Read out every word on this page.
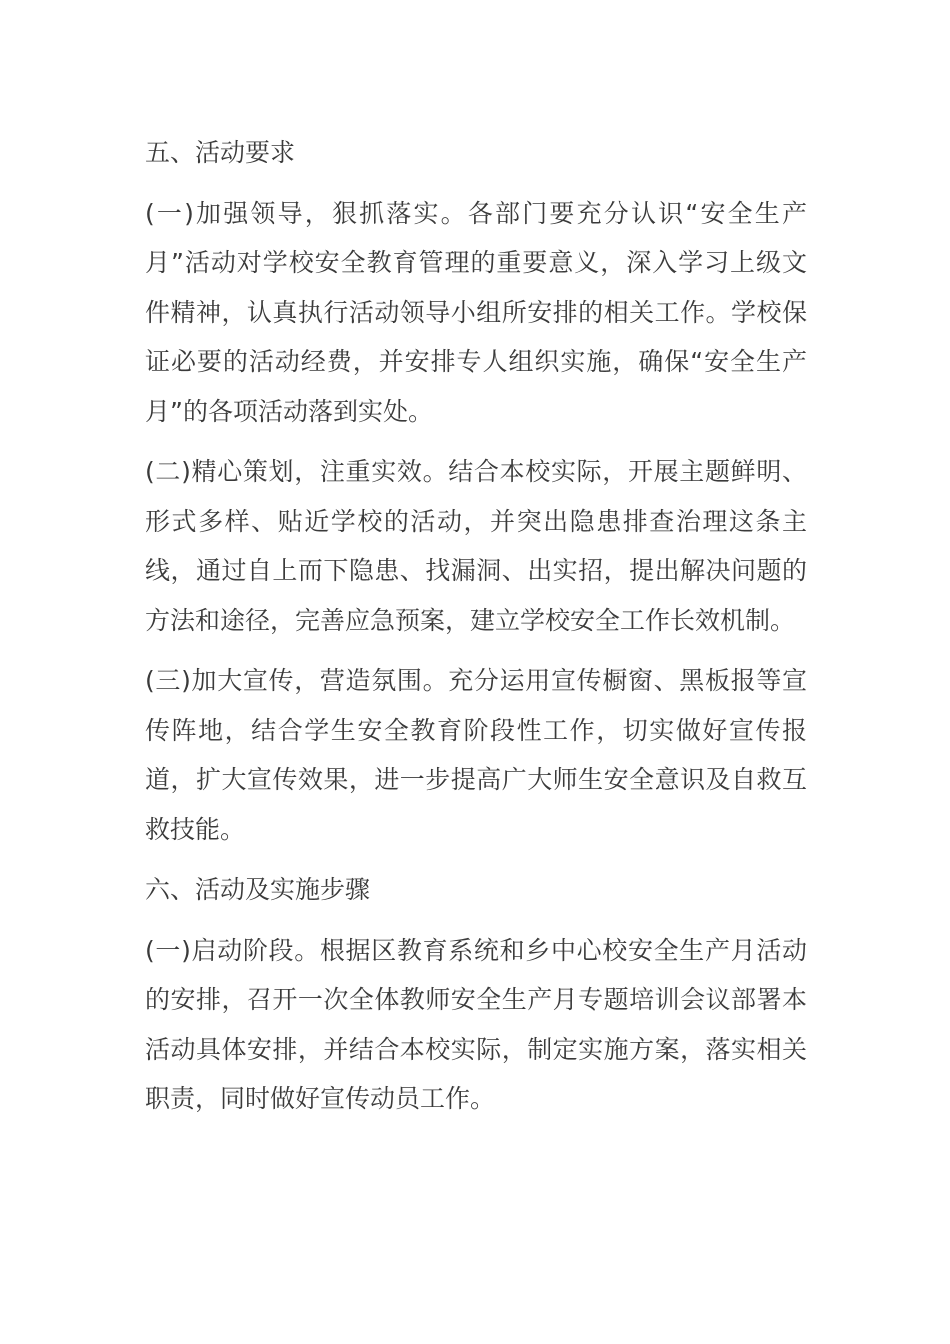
五、活动要求

(一)加强领导，狠抓落实。各部门要充分认识“安全生产月”活动对学校安全教育管理的重要意义，深入学习上级文件精神，认真执行活动领导小组所安排的相关工作。学校保证必要的活动经费，并安排专人组织实施，确保“安全生产月”的各项活动落到实处。

(二)精心策划，注重实效。结合本校实际，开展主题鲜明、形式多样、贴近学校的活动，并突出隐患排查治理这条主线，通过自上而下隐患、找漏洞、出实招，提出解决问题的方法和途径，完善应急预案，建立学校安全工作长效机制。

(三)加大宣传，营造氛围。充分运用宣传橱窗、黑板报等宣传阵地，结合学生安全教育阶段性工作，切实做好宣传报道，扩大宣传效果，进一步提高广大师生安全意识及自救互救技能。

六、活动及实施步骤

(一)启动阶段。根据区教育系统和乡中心校安全生产月活动的安排，召开一次全体教师安全生产月专题培训会议部署本活动具体安排，并结合本校实际，制定实施方案，落实相关职责，同时做好宣传动员工作。
